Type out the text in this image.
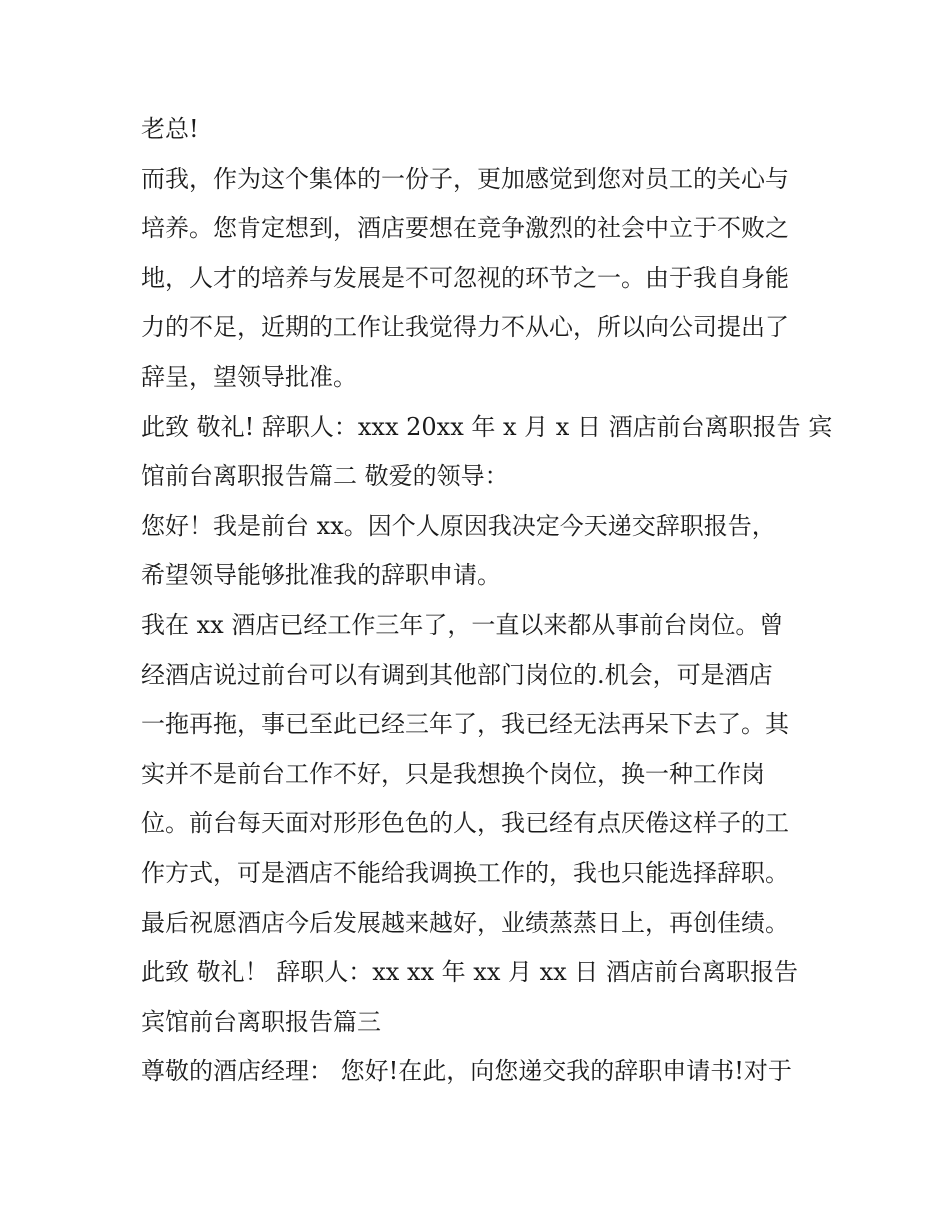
老总!
而我，作为这个集体的一份子，更加感觉到您对员工的关心与
培养。您肯定想到，酒店要想在竞争激烈的社会中立于不败之
地，人才的培养与发展是不可忽视的环节之一。由于我自身能
力的不足，近期的工作让我觉得力不从心，所以向公司提出了
辞呈，望领导批准。
此致 敬礼! 辞职人：xxx 20xx 年 x 月 x 日 酒店前台离职报告 宾
馆前台离职报告篇二 敬爱的领导：
您好！我是前台 xx。因个人原因我决定今天递交辞职报告，
希望领导能够批准我的辞职申请。
我在 xx 酒店已经工作三年了，一直以来都从事前台岗位。曾
经酒店说过前台可以有调到其他部门岗位的.机会，可是酒店
一拖再拖，事已至此已经三年了，我已经无法再呆下去了。其
实并不是前台工作不好，只是我想换个岗位，换一种工作岗
位。前台每天面对形形色色的人，我已经有点厌倦这样子的工
作方式，可是酒店不能给我调换工作的，我也只能选择辞职。
最后祝愿酒店今后发展越来越好，业绩蒸蒸日上，再创佳绩。
此致 敬礼！ 辞职人：xx xx 年 xx 月 xx 日 酒店前台离职报告
宾馆前台离职报告篇三
尊敬的酒店经理： 您好!在此，向您递交我的辞职申请书!对于
